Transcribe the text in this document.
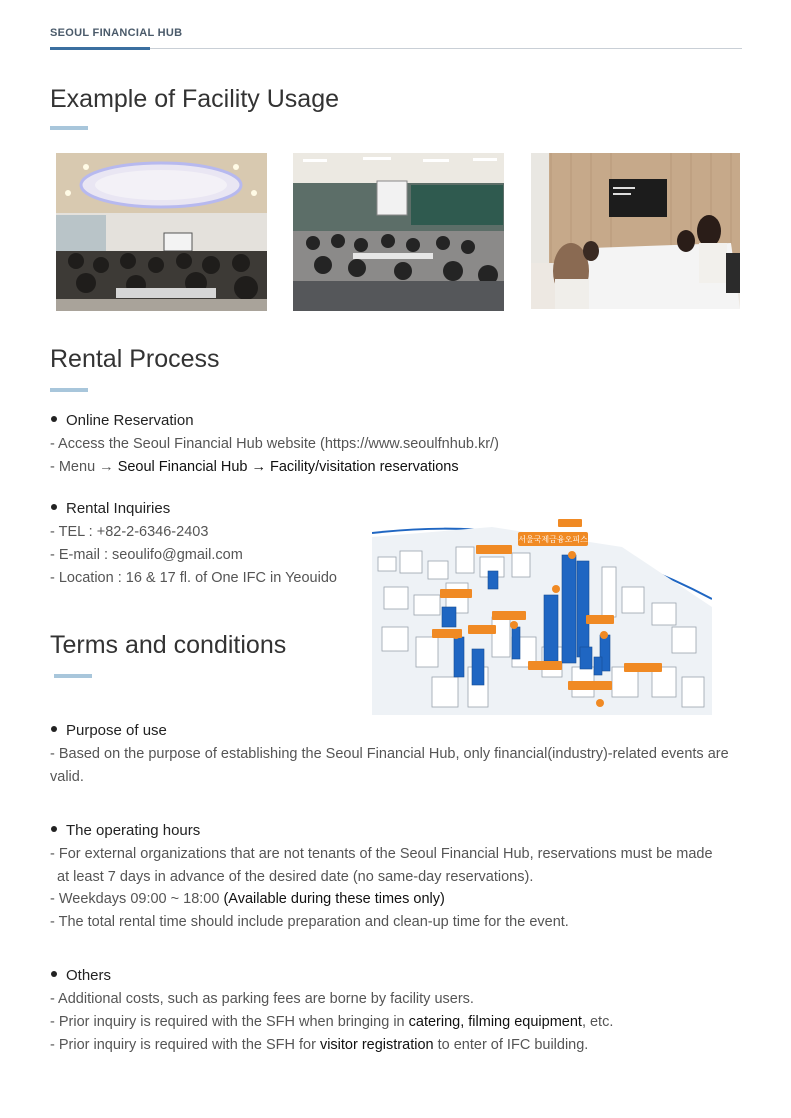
SEOUL FINANCIAL HUB
Example of Facility Usage
Rental Process
Online Reservation
- Access the Seoul Financial Hub website (https://www.seoulfnhub.kr/)
- Menu → Seoul Financial Hub → Facility/visitation reservations
Rental Inquiries
- TEL : +82-2-6346-2403
- E-mail : seoulifo@gmail.com
- Location : 16 & 17 fl. of One IFC in Yeouido
서울국제금융오피스
Terms and conditions
Purpose of use
- Based on the purpose of establishing the Seoul Financial Hub, only financial(industry)-related events are valid.
The operating hours
- For external organizations that are not tenants of the Seoul Financial Hub, reservations must be made
at least 7 days in advance of the desired date (no same-day reservations).
- Weekdays 09:00 ~ 18:00 (Available during these times only)
- The total rental time should include preparation and clean-up time for the event.
Others
- Additional costs, such as parking fees are borne by facility users.
- Prior inquiry is required with the SFH when bringing in catering, filming equipment, etc.
- Prior inquiry is required with the SFH for visitor registration to enter of IFC building.
